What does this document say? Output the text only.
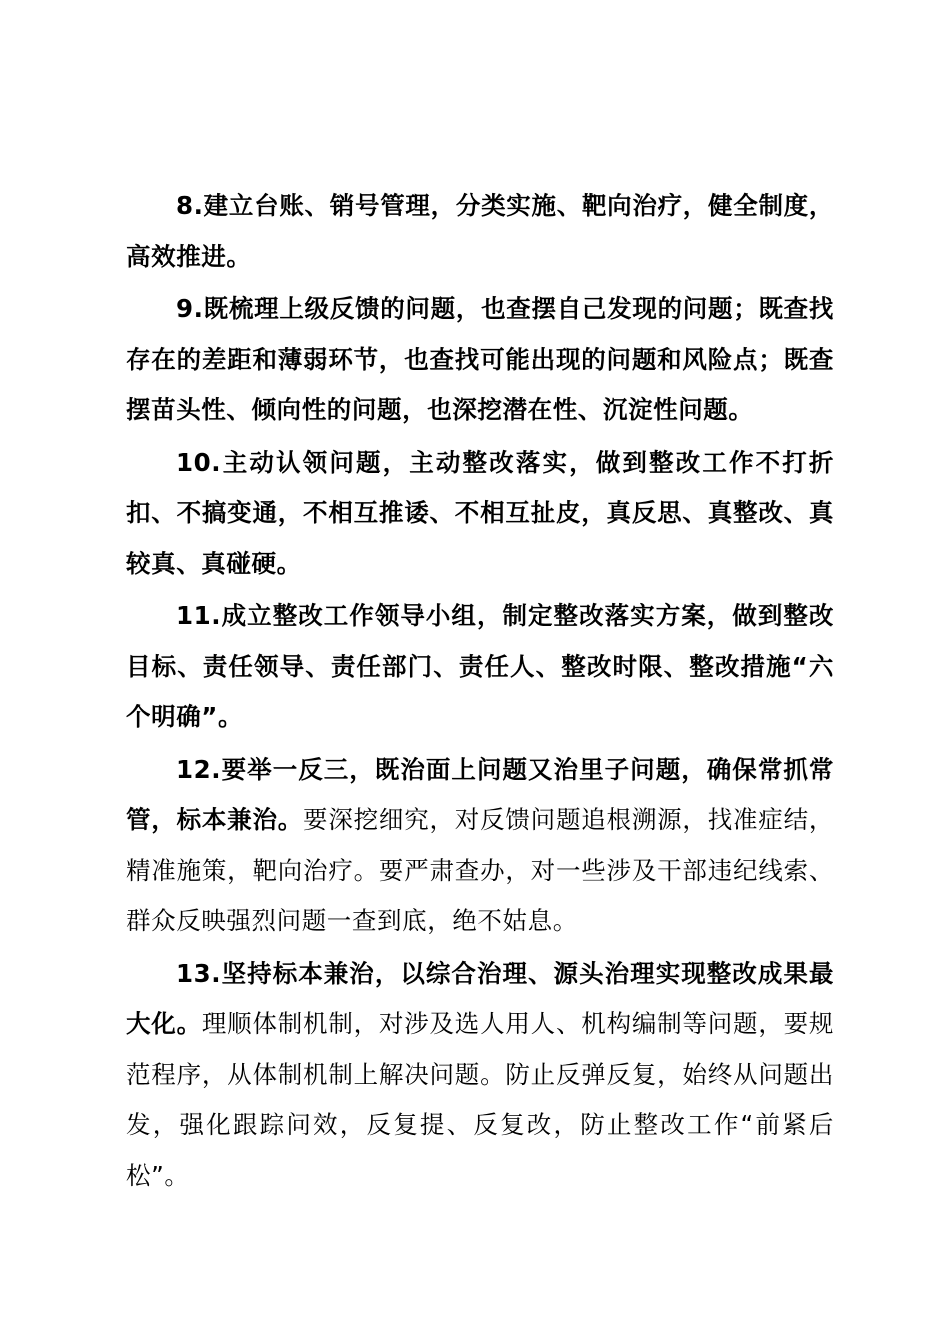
8.建立台账、销号管理，分类实施、靶向治疗，健全制度，高效推进。

9.既梳理上级反馈的问题，也查摆自己发现的问题；既查找存在的差距和薄弱环节，也查找可能出现的问题和风险点；既查摆苗头性、倾向性的问题，也深挖潜在性、沉淀性问题。

10.主动认领问题，主动整改落实，做到整改工作不打折扣、不搞变通，不相互推诿、不相互扯皮，真反思、真整改、真较真、真碰硬。

11.成立整改工作领导小组，制定整改落实方案，做到整改目标、责任领导、责任部门、责任人、整改时限、整改措施“六个明确”。

12.要举一反三，既治面上问题又治里子问题，确保常抓常管，标本兼治。要深挖细究，对反馈问题追根溯源，找准症结，精准施策，靶向治疗。要严肃查办，对一些涉及干部违纪线索、群众反映强烈问题一查到底，绝不姑息。

13.坚持标本兼治，以综合治理、源头治理实现整改成果最大化。理顺体制机制，对涉及选人用人、机构编制等问题，要规范程序，从体制机制上解决问题。防止反弹反复，始终从问题出发，强化跟踪问效，反复提、反复改，防止整改工作“前紧后松”。
